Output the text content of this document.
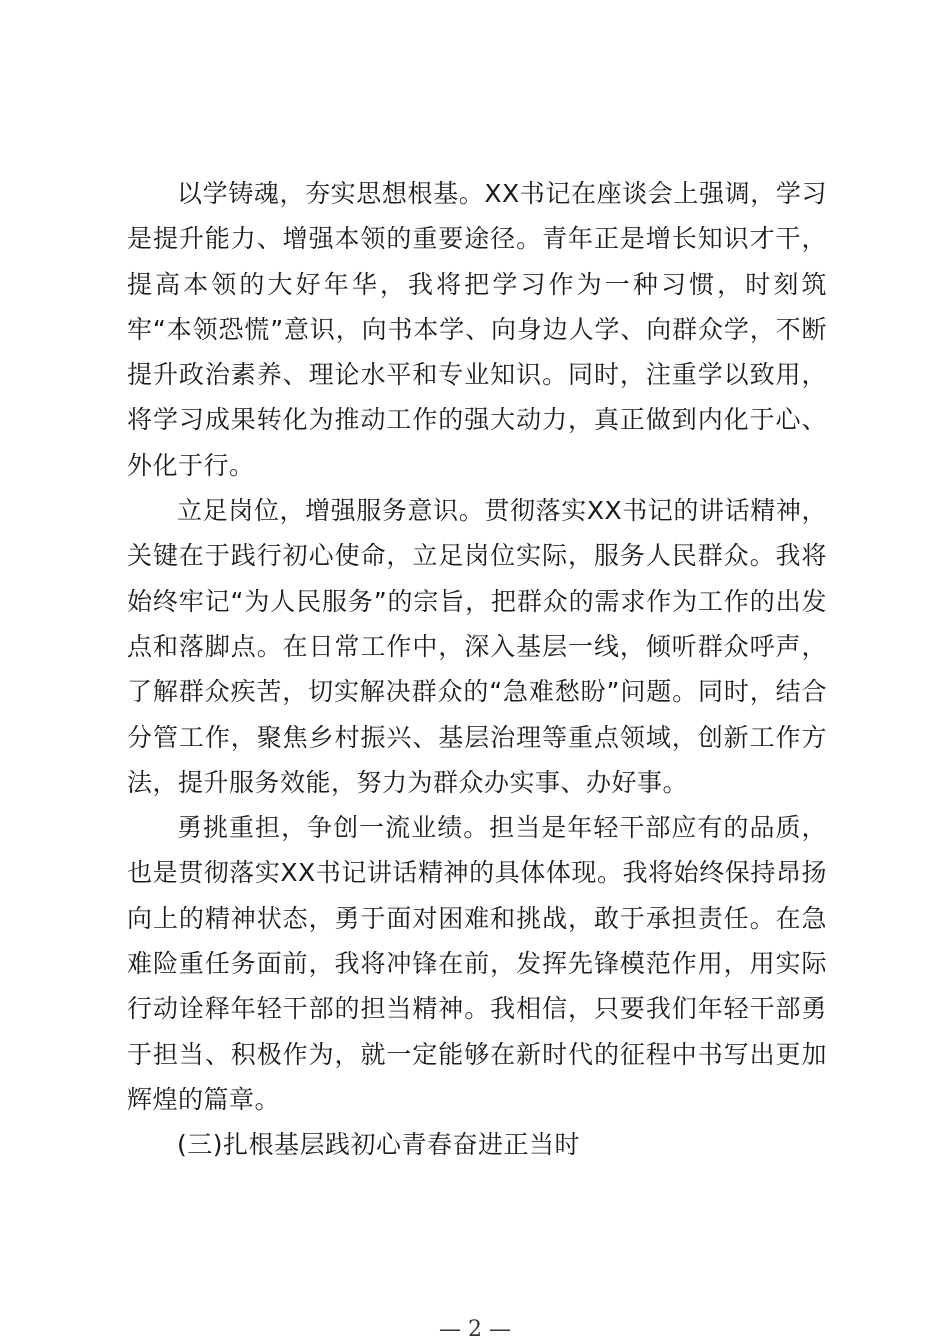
以学铸魂，夯实思想根基。XX书记在座谈会上强调，学习是提升能力、增强本领的重要途径。青年正是增长知识才干，提高本领的大好年华，我将把学习作为一种习惯，时刻筑牢“本领恐慌”意识，向书本学、向身边人学、向群众学，不断提升政治素养、理论水平和专业知识。同时，注重学以致用，将学习成果转化为推动工作的强大动力，真正做到内化于心、外化于行。

立足岗位，增强服务意识。贯彻落实XX书记的讲话精神，关键在于践行初心使命，立足岗位实际，服务人民群众。我将始终牢记“为人民服务”的宗旨，把群众的需求作为工作的出发点和落脚点。在日常工作中，深入基层一线，倾听群众呼声，了解群众疾苦，切实解决群众的“急难愁盼”问题。同时，结合分管工作，聚焦乡村振兴、基层治理等重点领域，创新工作方法，提升服务效能，努力为群众办实事、办好事。

勇挑重担，争创一流业绩。担当是年轻干部应有的品质，也是贯彻落实XX书记讲话精神的具体体现。我将始终保持昂扬向上的精神状态，勇于面对困难和挑战，敢于承担责任。在急难险重任务面前，我将冲锋在前，发挥先锋模范作用，用实际行动诠释年轻干部的担当精神。我相信，只要我们年轻干部勇于担当、积极作为，就一定能够在新时代的征程中书写出更加辉煌的篇章。

(三)扎根基层践初心青春奋进正当时

— 2 —
